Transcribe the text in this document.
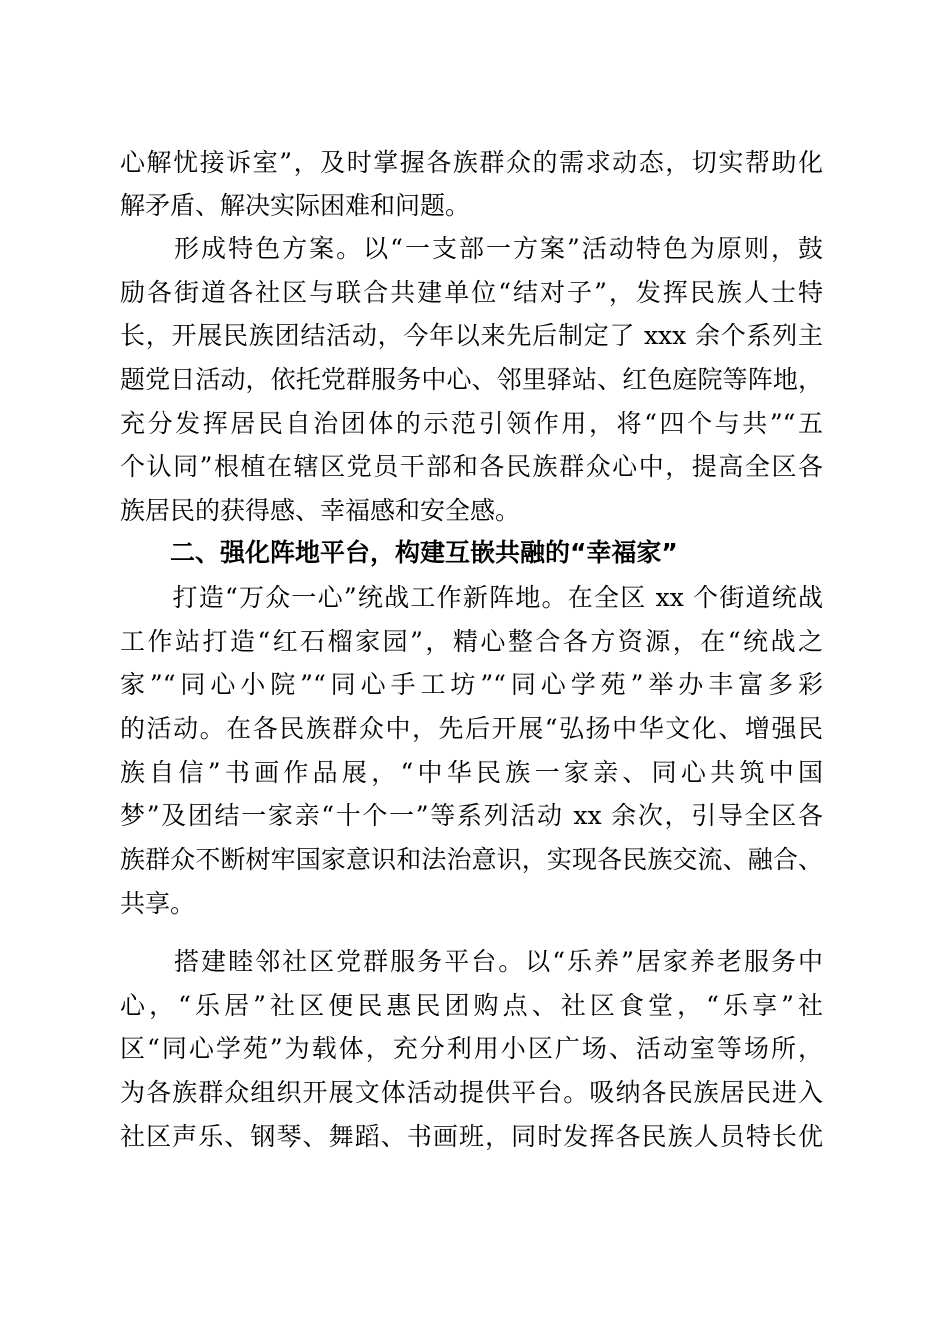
心解忧接诉室”，及时掌握各族群众的需求动态，切实帮助化
解矛盾、解决实际困难和问题。
　　形成特色方案。以“一支部一方案”活动特色为原则，鼓
励各街道各社区与联合共建单位“结对子”，发挥民族人士特
长，开展民族团结活动，今年以来先后制定了 xxx 余个系列主
题党日活动，依托党群服务中心、邻里驿站、红色庭院等阵地，
充分发挥居民自治团体的示范引领作用，将“四个与共”“五
个认同”根植在辖区党员干部和各民族群众心中，提高全区各
族居民的获得感、幸福感和安全感。
　　二、强化阵地平台，构建互嵌共融的“幸福家”
　　打造“万众一心”统战工作新阵地。在全区 xx 个街道统战
工作站打造“红石榴家园”，精心整合各方资源，在“统战之
家”“同心小院”“同心手工坊”“同心学苑”举办丰富多彩
的活动。在各民族群众中，先后开展“弘扬中华文化、增强民
族自信”书画作品展，“中华民族一家亲、同心共筑中国
梦”及团结一家亲“十个一”等系列活动 xx 余次，引导全区各
族群众不断树牢国家意识和法治意识，实现各民族交流、融合、
共享。
　　搭建睦邻社区党群服务平台。以“乐养”居家养老服务中
心，“乐居”社区便民惠民团购点、社区食堂，“乐享”社
区“同心学苑”为载体，充分利用小区广场、活动室等场所，
为各族群众组织开展文体活动提供平台。吸纳各民族居民进入
社区声乐、钢琴、舞蹈、书画班，同时发挥各民族人员特长优
